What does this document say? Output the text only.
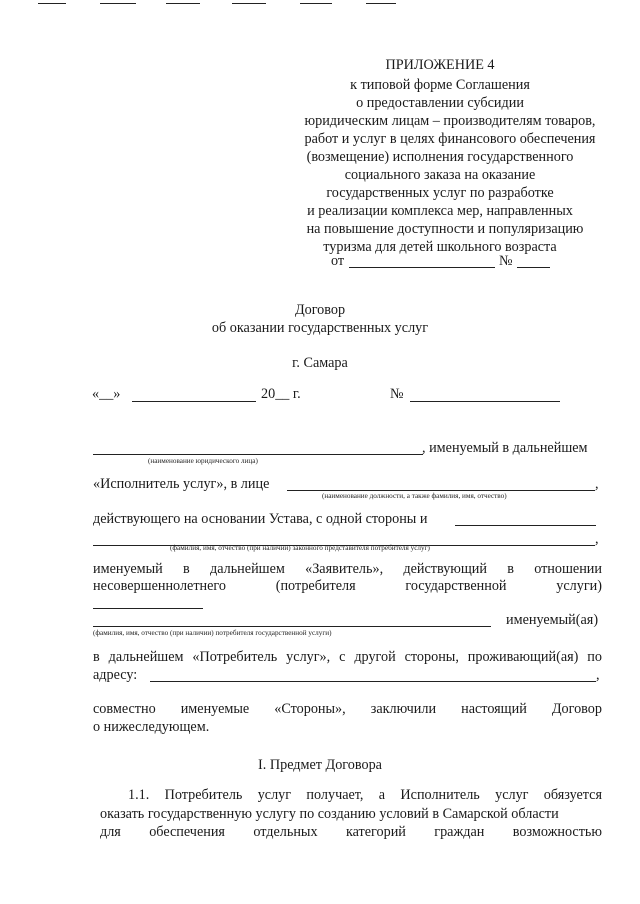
ПРИЛОЖЕНИЕ 4
к типовой форме Соглашения
о предоставлении субсидии
юридическим лицам – производителям товаров,
работ и услуг в целях финансового обеспечения
(возмещение) исполнения государственного
социального заказа на оказание
государственных услуг по разработке
и реализации комплекса мер, направленных
на повышение доступности и популяризацию
туризма для детей школьного возраста
от	№
Договор
об оказании государственных услуг
г. Самара
«__»	20__ г.	№
, именуемый в дальнейшем
(наименование юридического лица)
«Исполнитель услуг», в лице	,
(наименование должности, а также фамилия, имя, отчество)
действующего на основании Устава, с одной стороны и
,
(фамилия, имя, отчество (при наличии) законного представителя потребителя услуг)
именуемый в дальнейшем «Заявитель», действующий в отношении
несовершеннолетнего	(потребителя	государственной	услуги)
именуемый(ая)
(фамилия, имя, отчество (при наличии) потребителя государственной услуги)
в дальнейшем «Потребитель услуг», с другой стороны, проживающий(ая) по
адресу:	,
совместно именуемые «Стороны», заключили настоящий Договор
о нижеследующем.
I. Предмет Договора
1.1. Потребитель услуг получает, а Исполнитель услуг обязуется
оказать государственную услугу по созданию условий в Самарской области
для обеспечения отдельных категорий граждан возможностью
